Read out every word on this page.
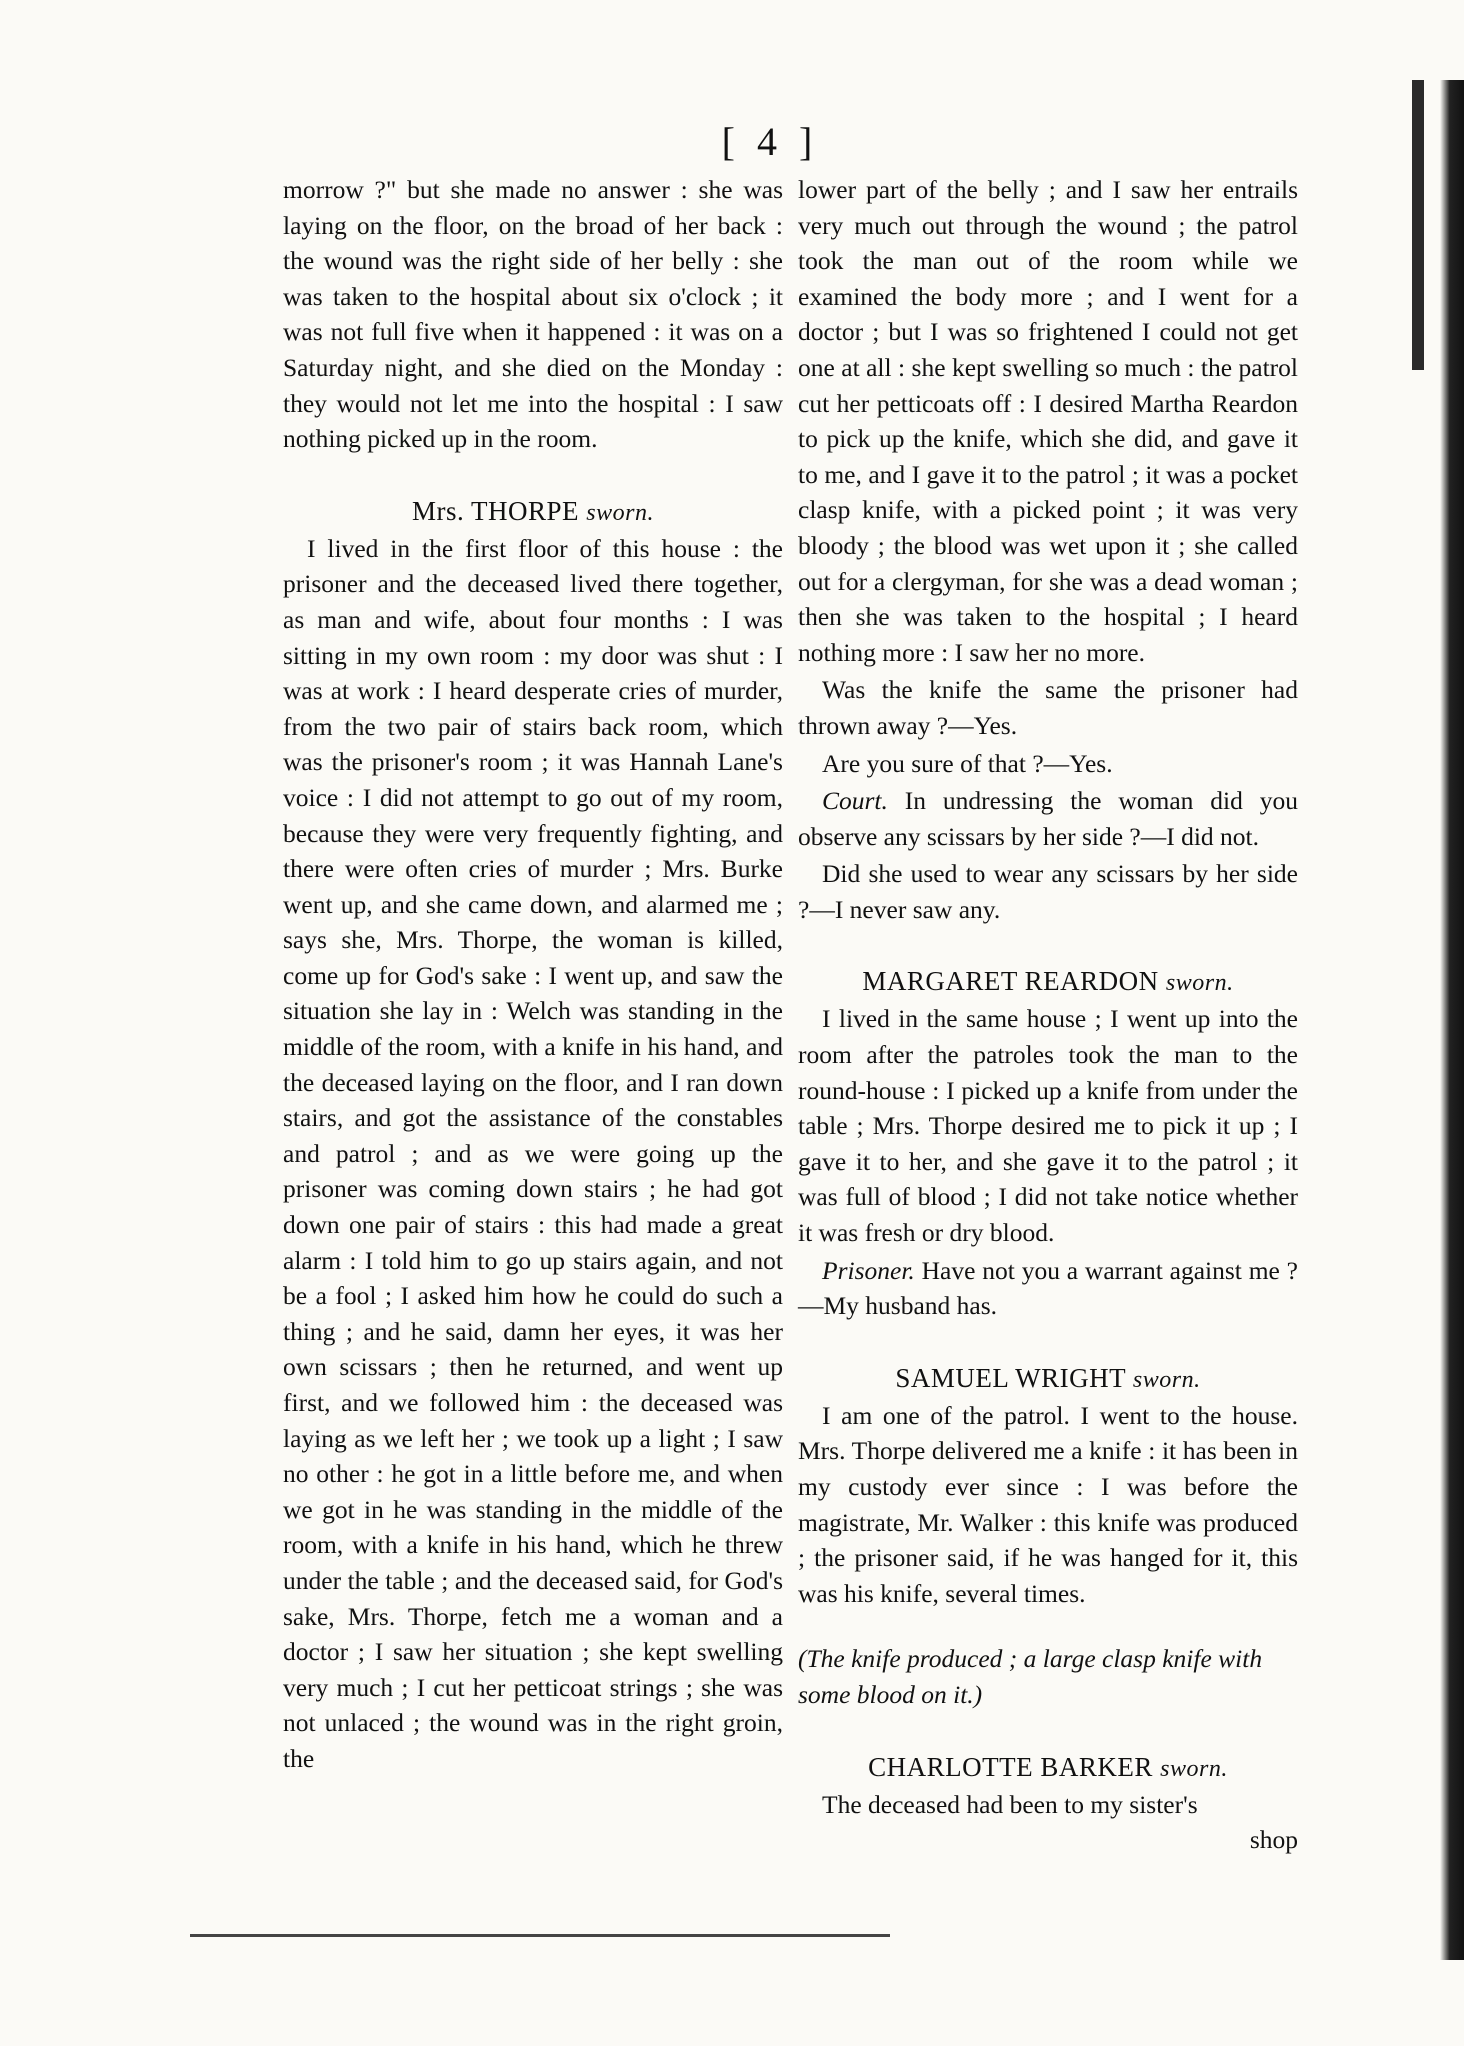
[ 4 ]

morrow ?" but she made no answer : she was laying on the floor, on the broad of her back : the wound was the right side of her belly : she was taken to the hospital about six o'clock ; it was not full five when it happened : it was on a Saturday night, and she died on the Monday : they would not let me into the hospital : I saw nothing picked up in the room.

Mrs. THORPE sworn.

I lived in the first floor of this house : the prisoner and the deceased lived there together, as man and wife, about four months : I was sitting in my own room : my door was shut : I was at work : I heard desperate cries of murder, from the two pair of stairs back room, which was the prisoner's room ; it was Hannah Lane's voice : I did not attempt to go out of my room, because they were very frequently fighting, and there were often cries of murder ; Mrs. Burke went up, and she came down, and alarmed me ; says she, Mrs. Thorpe, the woman is killed, come up for God's sake : I went up, and saw the situation she lay in : Welch was standing in the middle of the room, with a knife in his hand, and the deceased laying on the floor, and I ran down stairs, and got the assistance of the constables and patrol ; and as we were going up the prisoner was coming down stairs ; he had got down one pair of stairs : this had made a great alarm : I told him to go up stairs again, and not be a fool ; I asked him how he could do such a thing ; and he said, damn her eyes, it was her own scissars ; then he returned, and went up first, and we followed him : the deceased was laying as we left her ; we took up a light ; I saw no other : he got in a little before me, and when we got in he was standing in the middle of the room, with a knife in his hand, which he threw under the table ; and the deceased said, for God's sake, Mrs. Thorpe, fetch me a woman and a doctor ; I saw her situation ; she kept swelling very much ; I cut her petticoat strings ; she was not unlaced ; the wound was in the right groin, the

lower part of the belly ; and I saw her entrails very much out through the wound ; the patrol took the man out of the room while we examined the body more ; and I went for a doctor ; but I was so frightened I could not get one at all : she kept swelling so much : the patrol cut her petticoats off : I desired Martha Reardon to pick up the knife, which she did, and gave it to me, and I gave it to the patrol ; it was a pocket clasp knife, with a picked point ; it was very bloody ; the blood was wet upon it ; she called out for a clergyman, for she was a dead woman ; then she was taken to the hospital ; I heard nothing more : I saw her no more.

Was the knife the same the prisoner had thrown away ?—Yes.

Are you sure of that ?—Yes.

Court. In undressing the woman did you observe any scissars by her side ?—I did not.

Did she used to wear any scissars by her side ?—I never saw any.

MARGARET REARDON sworn.

I lived in the same house ; I went up into the room after the patroles took the man to the round-house : I picked up a knife from under the table ; Mrs. Thorpe desired me to pick it up ; I gave it to her, and she gave it to the patrol ; it was full of blood ; I did not take notice whether it was fresh or dry blood.

Prisoner. Have not you a warrant against me ?—My husband has.

SAMUEL WRIGHT sworn.

I am one of the patrol. I went to the house. Mrs. Thorpe delivered me a knife : it has been in my custody ever since : I was before the magistrate, Mr. Walker : this knife was produced ; the prisoner said, if he was hanged for it, this was his knife, several times.

(The knife produced ; a large clasp knife with some blood on it.)

CHARLOTTE BARKER sworn.

The deceased had been to my sister's

shop
